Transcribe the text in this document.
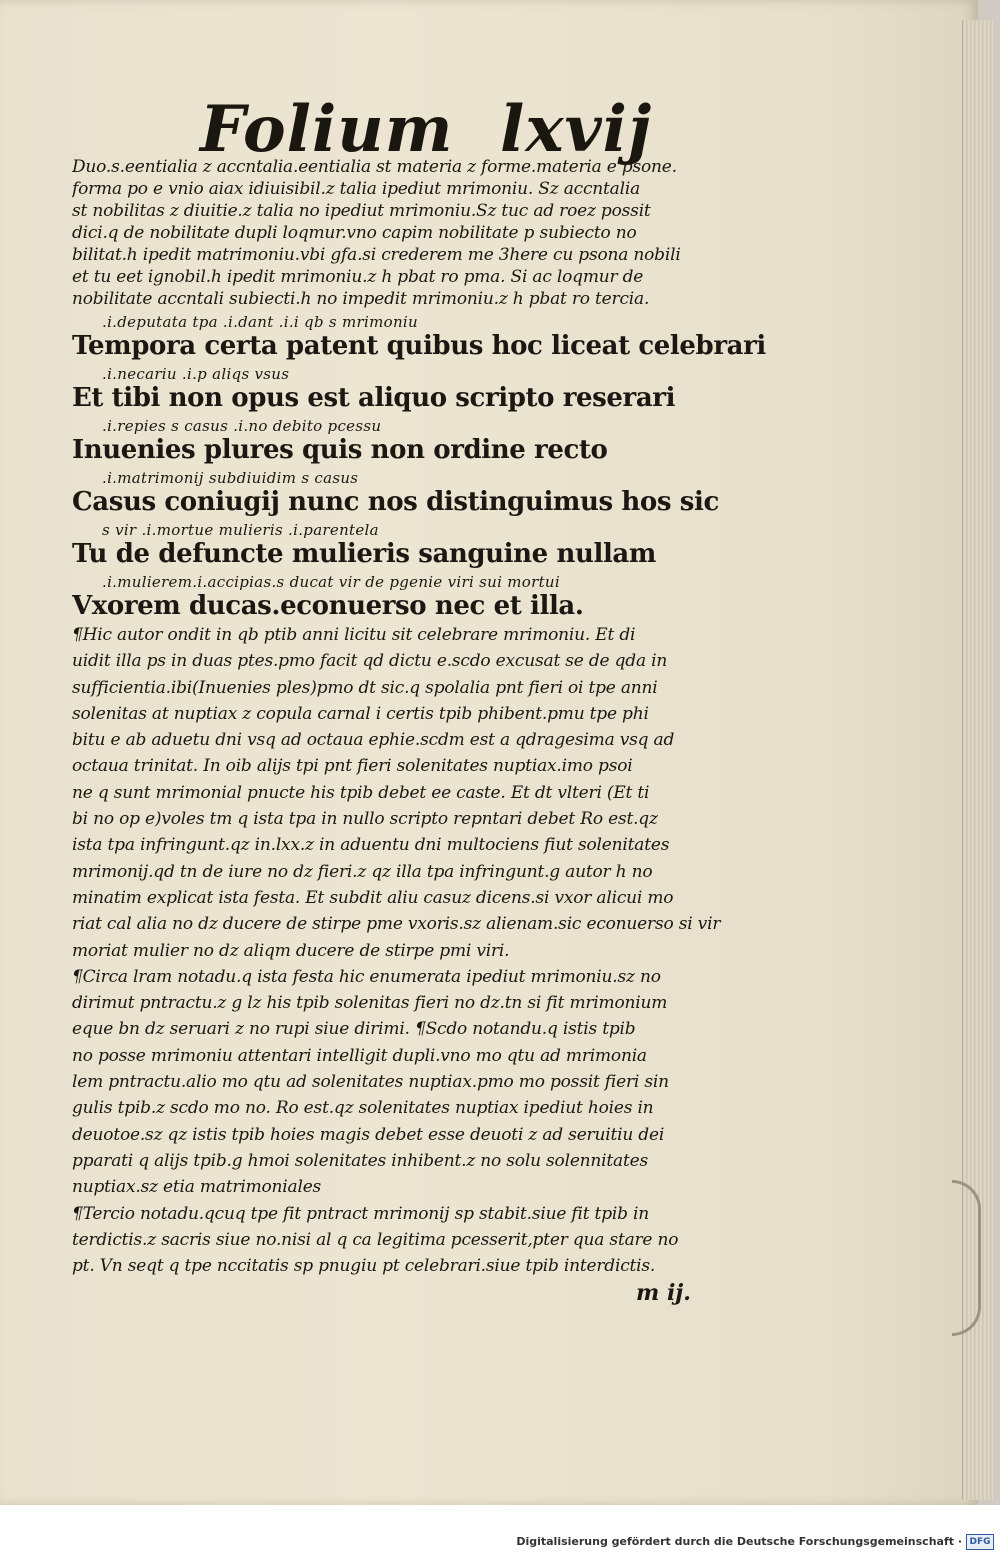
Folium lxvij
Duo.s.eentialia z accntalia.eentialia st materia z forme.materia e psone.
forma po e vnio aiax idiuisibil.z talia ipediut mrimoniu. Sz accntalia
st nobilitas z diuitie.z talia no ipediut mrimoniu.Sz tuc ad roez possit
dici.q de nobilitate dupli loqmur.vno capim nobilitate p subiecto no
bilitat.h ipedit matrimoniu.vbi gfa.si crederem me 3here cu psona nobili
et tu eet ignobil.h ipedit mrimoniu.z h pbat ro pma. Si ac loqmur de
nobilitate accntali subiecti.h no impedit mrimoniu.z h pbat ro tercia.
.i.deputata tpa .i.dant .i.i qb s mrimoniu
Tempora certa patent quibus hoc liceat celebrari
.i.necariu .i.p aliqs vsus
Et tibi non opus est aliquo scripto reserari
.i.repies s casus .i.no debito pcessu
Inuenies plures quis non ordine recto
.i.matrimonij subdiuidim s casus
Casus coniugij nunc nos distinguimus hos sic
s vir .i.mortue mulieris .i.parentela
Tu de defuncte mulieris sanguine nullam
.i.mulierem.i.accipias.s ducat vir de pgenie viri sui mortui
Vxorem ducas.econuerso nec et illa.
¶Hic autor ondit in qb ptib anni licitu sit celebrare mrimoniu. Et di
uidit illa ps in duas ptes.pmo facit qd dictu e.scdo excusat se de qda in
sufficientia.ibi(Inuenies ples)pmo dt sic.q spolalia pnt fieri oi tpe anni
solenitas at nuptiax z copula carnal i certis tpib phibent.pmu tpe phi
bitu e ab aduetu dni vsq ad octaua ephie.scdm est a qdragesima vsq ad
octaua trinitat. In oib alijs tpi pnt fieri solenitates nuptiax.imo psoi
ne q sunt mrimonial pnucte his tpib debet ee caste. Et dt vlteri (Et ti
bi no op e)voles tm q ista tpa in nullo scripto repntari debet Ro est.qz
ista tpa infringunt.qz in.lxx.z in aduentu dni multociens fiut solenitates
mrimonij.qd tn de iure no dz fieri.z qz illa tpa infringunt.g autor h no
minatim explicat ista festa. Et subdit aliu casuz dicens.si vxor alicui mo
riat cal alia no dz ducere de stirpe pme vxoris.sz alienam.sic econuerso si vir
moriat mulier no dz aliqm ducere de stirpe pmi viri.
¶Circa lram notadu.q ista festa hic enumerata ipediut mrimoniu.sz no
dirimut pntractu.z g lz his tpib solenitas fieri no dz.tn si fit mrimonium
eque bn dz seruari z no rupi siue dirimi. ¶Scdo notandu.q istis tpib
no posse mrimoniu attentari intelligit dupli.vno mo qtu ad mrimonia
lem pntractu.alio mo qtu ad solenitates nuptiax.pmo mo possit fieri sin
gulis tpib.z scdo mo no. Ro est.qz solenitates nuptiax ipediut hoies in
deuotoe.sz qz istis tpib hoies magis debet esse deuoti z ad seruitiu dei
pparati q alijs tpib.g hmoi solenitates inhibent.z no solu solennitates
nuptiax.sz etia matrimoniales
¶Tercio notadu.qcuq tpe fit pntract mrimonij sp stabit.siue fit tpib in
terdictis.z sacris siue no.nisi al q ca legitima pcesserit,pter qua stare no
pt. Vn seqt q tpe nccitatis sp pnugiu pt celebrari.siue tpib interdictis.
m ij.
Digitalisierung gefördert durch die Deutsche Forschungsgemeinschaft · DFG
